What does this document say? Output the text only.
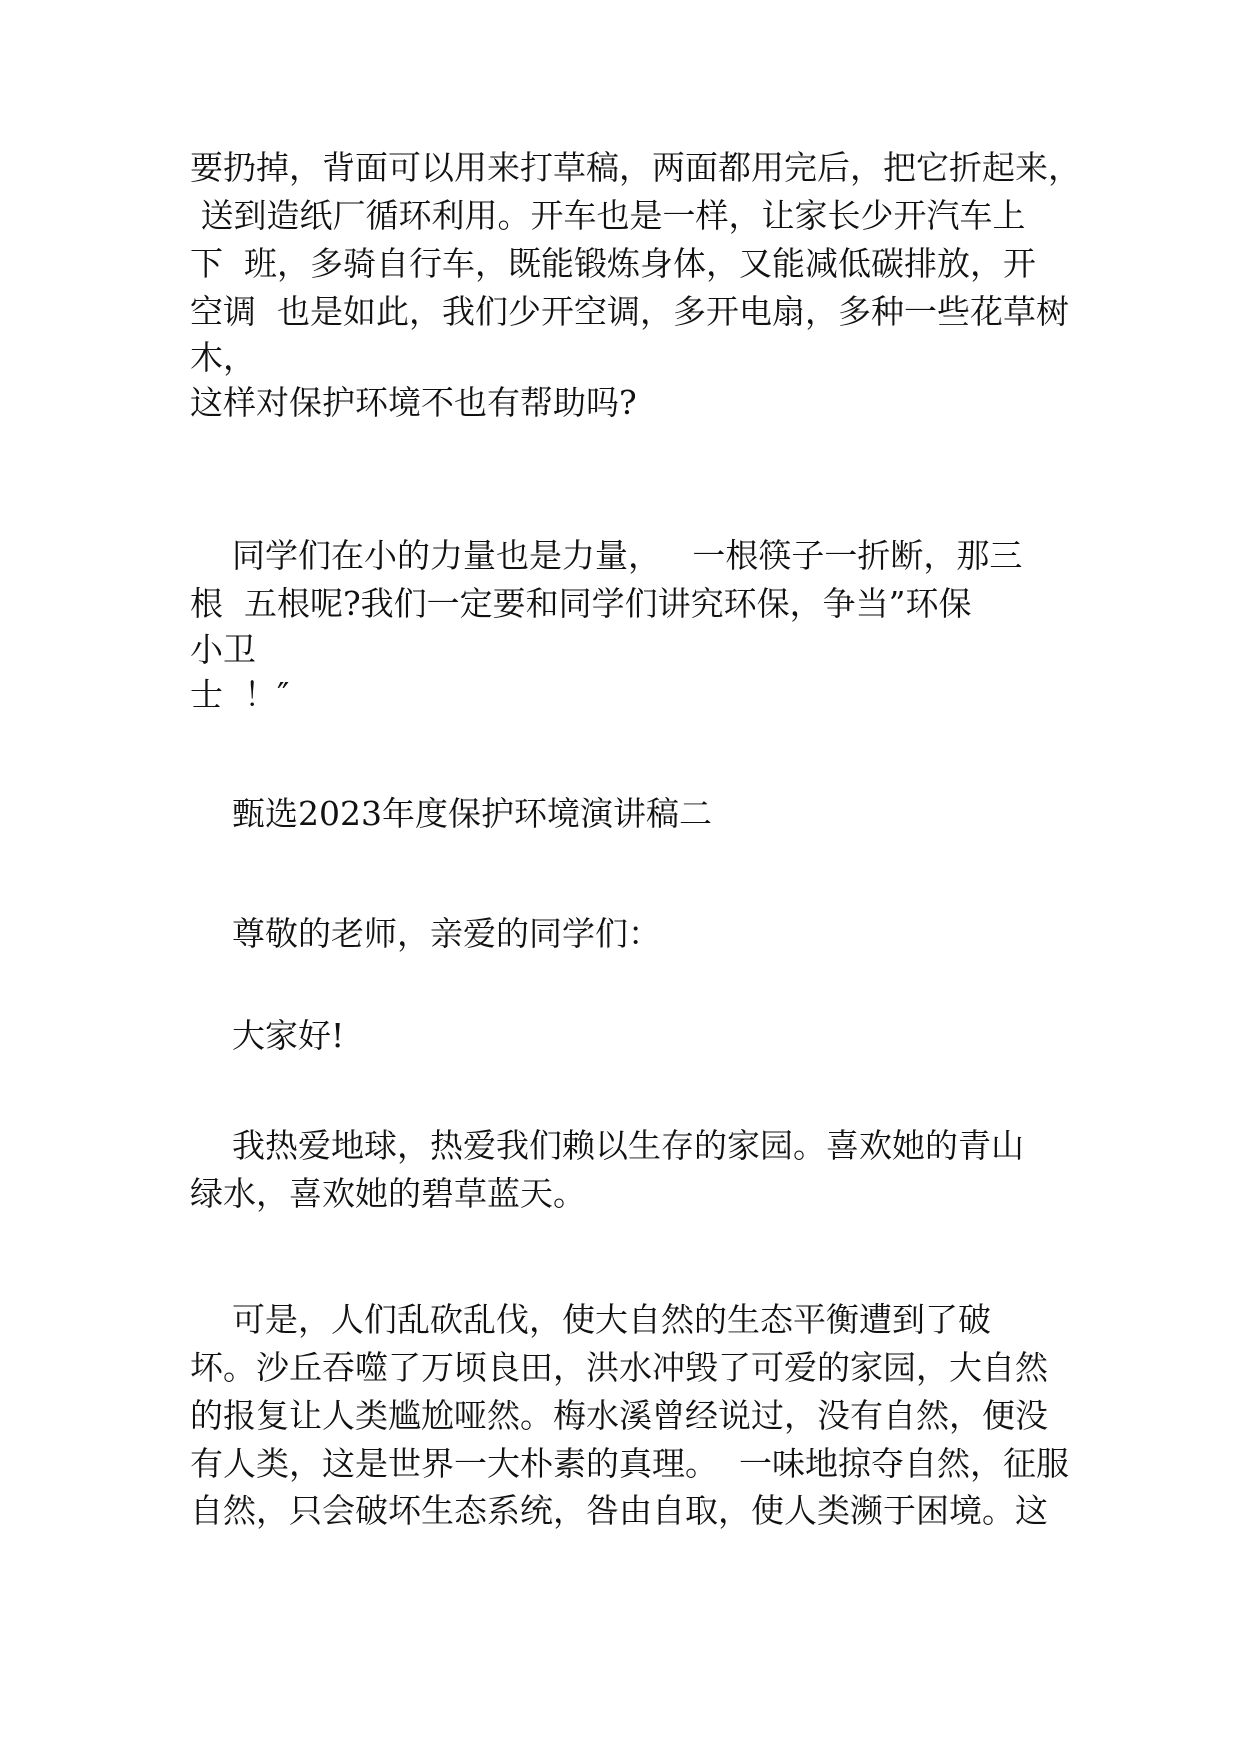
要扔掉，背面可以用来打草稿，两面都用完后，把它折起来，

送到造纸厂循环利用。开车也是一样，让家长少开汽车上

下  班，多骑自行车，既能锻炼身体，又能减低碳排放，开

空调  也是如此，我们少开空调，多开电扇，多种一些花草树

木，

这样对保护环境不也有帮助吗?

同学们在小的力量也是力量，   一根筷子一折断，那三

根  五根呢?我们一定要和同学们讲究环保，争当”环保

小卫

士  ！″

甄选2023年度保护环境演讲稿二

尊敬的老师，亲爱的同学们：

大家好!

我热爱地球，热爱我们赖以生存的家园。喜欢她的青山

绿水，喜欢她的碧草蓝天。

可是，人们乱砍乱伐，使大自然的生态平衡遭到了破

坏。沙丘吞噬了万顷良田，洪水冲毁了可爱的家园，大自然

的报复让人类尴尬哑然。梅水溪曾经说过，没有自然，便没

有人类，这是世界一大朴素的真理。  一味地掠夺自然，征服

自然，只会破坏生态系统，咎由自取，使人类濒于困境。这
